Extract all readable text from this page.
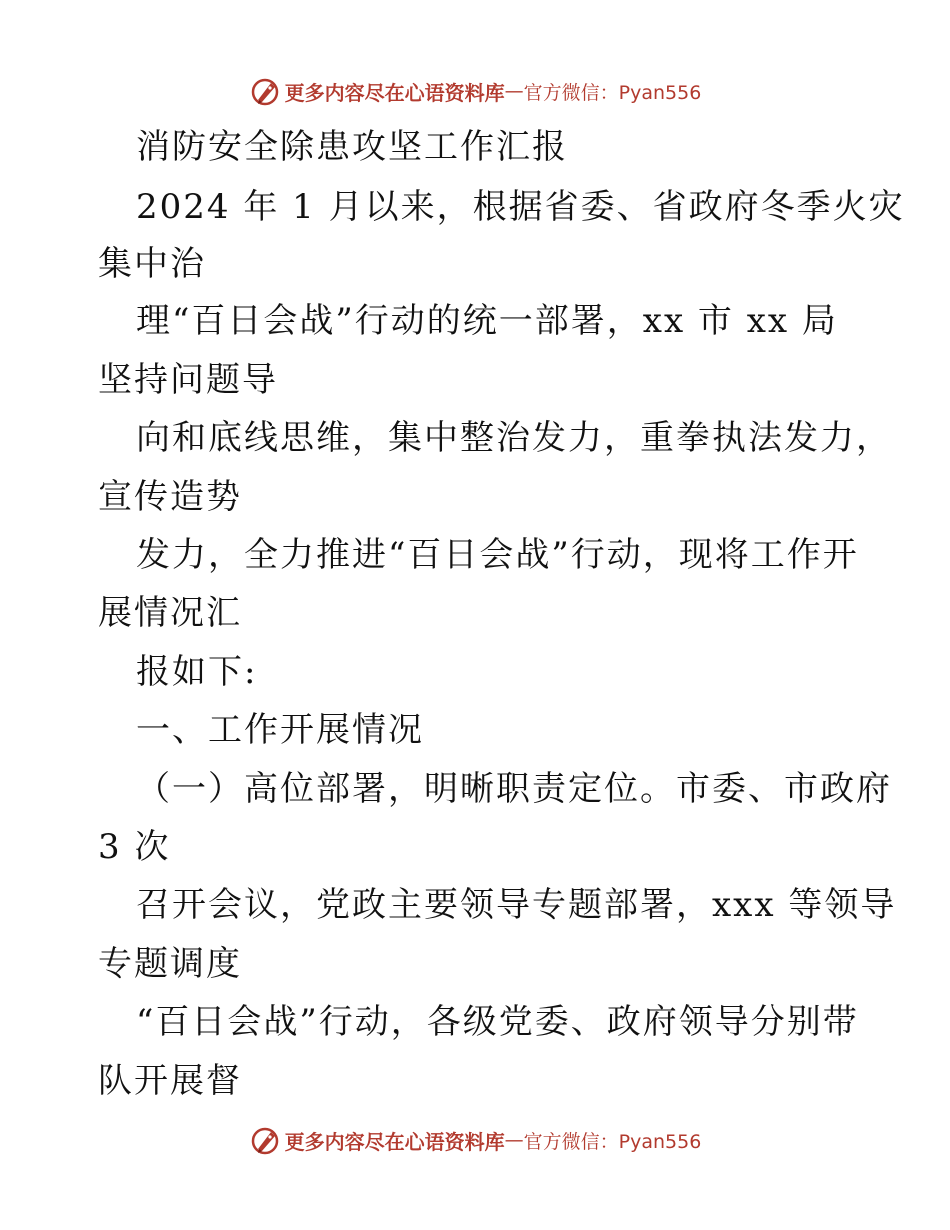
更多内容尽在心语资料库 — 官方微信：Pyan556
消防安全除患攻坚工作汇报
2024 年 1 月以来，根据省委、省政府冬季火灾
集中治
理“百日会战”行动的统一部署，xx 市 xx 局
坚持问题导
向和底线思维，集中整治发力，重拳执法发力，
宣传造势
发力，全力推进“百日会战”行动，现将工作开
展情况汇
报如下:
一、工作开展情况
（一）高位部署，明晰职责定位。市委、市政府
3 次
召开会议，党政主要领导专题部署，xxx 等领导
专题调度
“百日会战”行动，各级党委、政府领导分别带
队开展督
更多内容尽在心语资料库 — 官方微信：Pyan556
